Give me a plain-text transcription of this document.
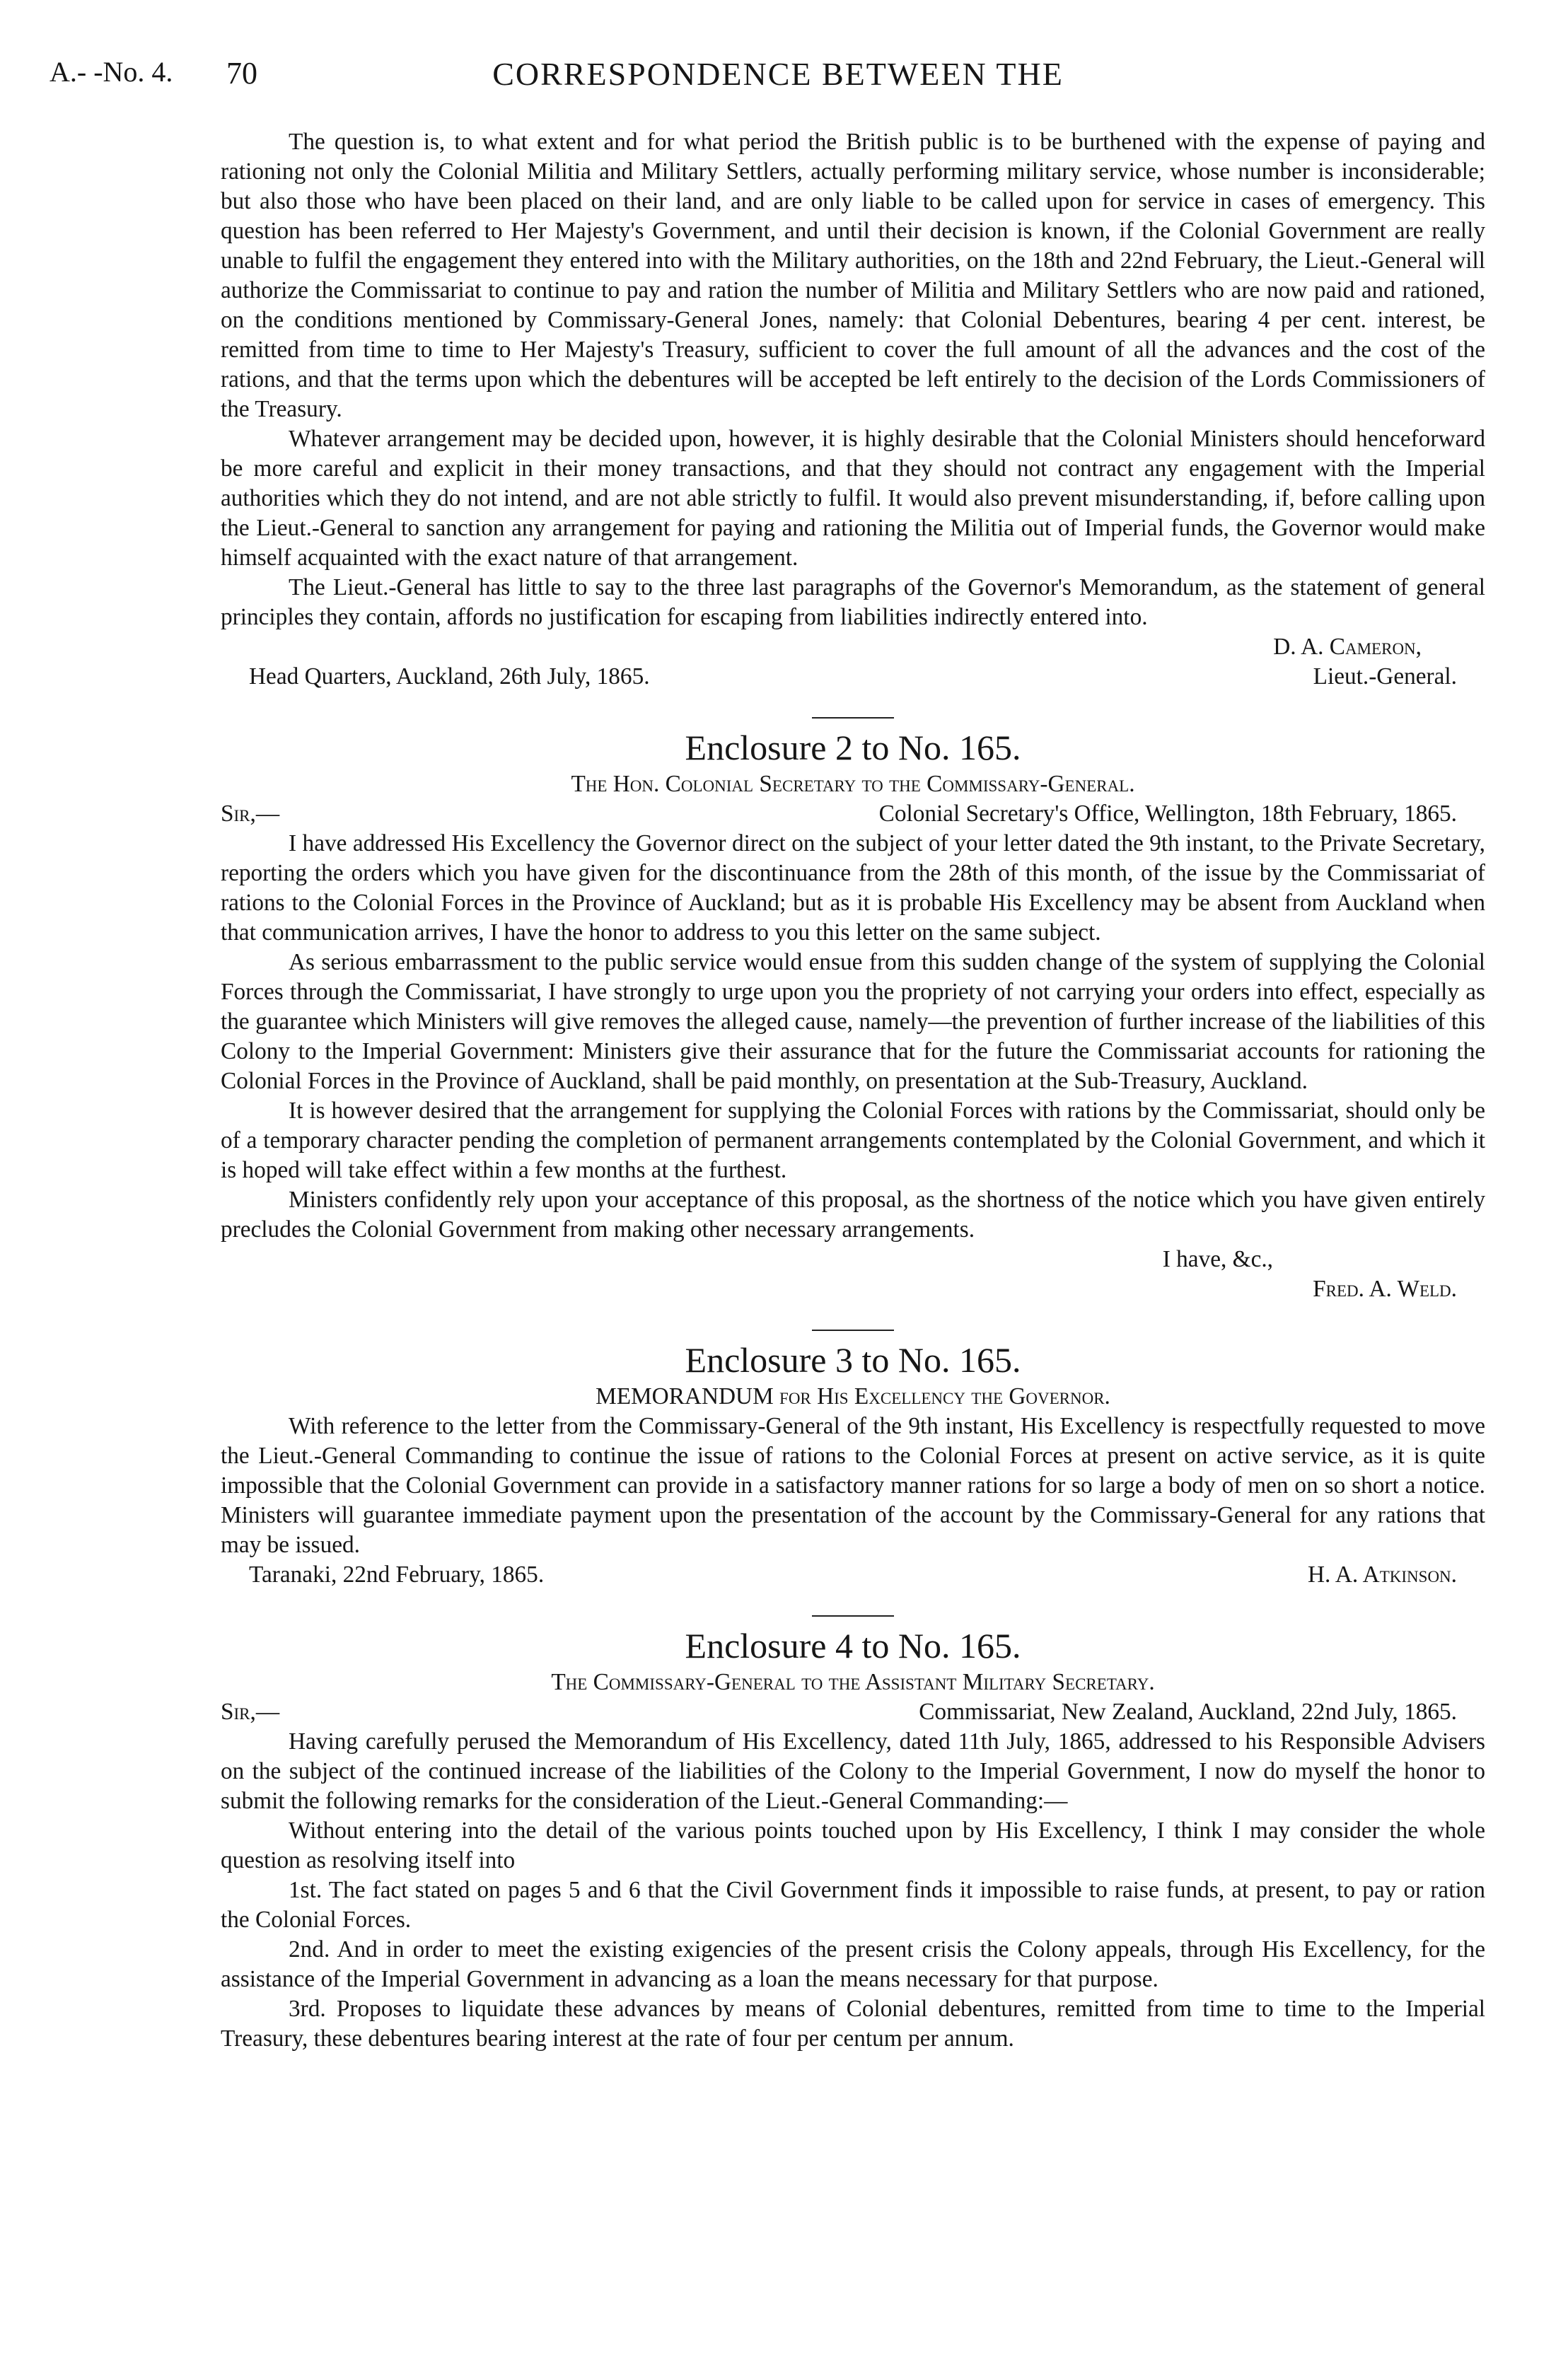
A.- -No. 4. 70	CORRESPONDENCE BETWEEN THE

The question is, to what extent and for what period the British public is to be burthened with the expense of paying and rationing not only the Colonial Militia and Military Settlers, actually performing military service, whose number is inconsiderable; but also those who have been placed on their land, and are only liable to be called upon for service in cases of emergency. This question has been referred to Her Majesty's Government, and until their decision is known, if the Colonial Government are really unable to fulfil the engagement they entered into with the Military authorities, on the 18th and 22nd February, the Lieut.-General will authorize the Commissariat to continue to pay and ration the number of Militia and Military Settlers who are now paid and rationed, on the conditions mentioned by Commissary-General Jones, namely: that Colonial Debentures, bearing 4 per cent. interest, be remitted from time to time to Her Majesty's Treasury, sufficient to cover the full amount of all the advances and the cost of the rations, and that the terms upon which the debentures will be accepted be left entirely to the decision of the Lords Commissioners of the Treasury.

Whatever arrangement may be decided upon, however, it is highly desirable that the Colonial Ministers should henceforward be more careful and explicit in their money transactions, and that they should not contract any engagement with the Imperial authorities which they do not intend, and are not able strictly to fulfil. It would also prevent misunderstanding, if, before calling upon the Lieut.-General to sanction any arrangement for paying and rationing the Militia out of Imperial funds, the Governor would make himself acquainted with the exact nature of that arrangement.

The Lieut.-General has little to say to the three last paragraphs of the Governor's Memorandum, as the statement of general principles they contain, affords no justification for escaping from liabilities indirectly entered into.

D. A. Cameron,

Head Quarters, Auckland, 26th July, 1865.	Lieut.-General.
Enclosure 2 to No. 165.

The Hon. Colonial Secretary to the Commissary-General.

Sir,—	Colonial Secretary's Office, Wellington, 18th February, 1865.

I have addressed His Excellency the Governor direct on the subject of your letter dated the 9th instant, to the Private Secretary, reporting the orders which you have given for the discontinuance from the 28th of this month, of the issue by the Commissariat of rations to the Colonial Forces in the Province of Auckland; but as it is probable His Excellency may be absent from Auckland when that communication arrives, I have the honor to address to you this letter on the same subject.

As serious embarrassment to the public service would ensue from this sudden change of the system of supplying the Colonial Forces through the Commissariat, I have strongly to urge upon you the propriety of not carrying your orders into effect, especially as the guarantee which Ministers will give removes the alleged cause, namely—the prevention of further increase of the liabilities of this Colony to the Imperial Government: Ministers give their assurance that for the future the Commissariat accounts for rationing the Colonial Forces in the Province of Auckland, shall be paid monthly, on presentation at the Sub-Treasury, Auckland.

It is however desired that the arrangement for supplying the Colonial Forces with rations by the Commissariat, should only be of a temporary character pending the completion of permanent arrangements contemplated by the Colonial Government, and which it is hoped will take effect within a few months at the furthest.

Ministers confidently rely upon your acceptance of this proposal, as the shortness of the notice which you have given entirely precludes the Colonial Government from making other necessary arrangements.

I have, &c.,

Fred. A. Weld.

Enclosure 3 to No. 165.

MEMORANDUM for His Excellency the Governor.

With reference to the letter from the Commissary-General of the 9th instant, His Excellency is respectfully requested to move the Lieut.-General Commanding to continue the issue of rations to the Colonial Forces at present on active service, as it is quite impossible that the Colonial Government can provide in a satisfactory manner rations for so large a body of men on so short a notice. Ministers will guarantee immediate payment upon the presentation of the account by the Commissary-General for any rations that may be issued.

Taranaki, 22nd February, 1865.	H. A. Atkinson.
Enclosure 4 to No. 165.

The Commissary-General to the Assistant Military Secretary.

Sir,—	Commissariat, New Zealand, Auckland, 22nd July, 1865.

Having carefully perused the Memorandum of His Excellency, dated 11th July, 1865, addressed to his Responsible Advisers on the subject of the continued increase of the liabilities of the Colony to the Imperial Government, I now do myself the honor to submit the following remarks for the consideration of the Lieut.-General Commanding:—

Without entering into the detail of the various points touched upon by His Excellency, I think I may consider the whole question as resolving itself into

1st. The fact stated on pages 5 and 6 that the Civil Government finds it impossible to raise funds, at present, to pay or ration the Colonial Forces.

2nd. And in order to meet the existing exigencies of the present crisis the Colony appeals, through His Excellency, for the assistance of the Imperial Government in advancing as a loan the means necessary for that purpose.

3rd. Proposes to liquidate these advances by means of Colonial debentures, remitted from time to time to the Imperial Treasury, these debentures bearing interest at the rate of four per centum per annum.
